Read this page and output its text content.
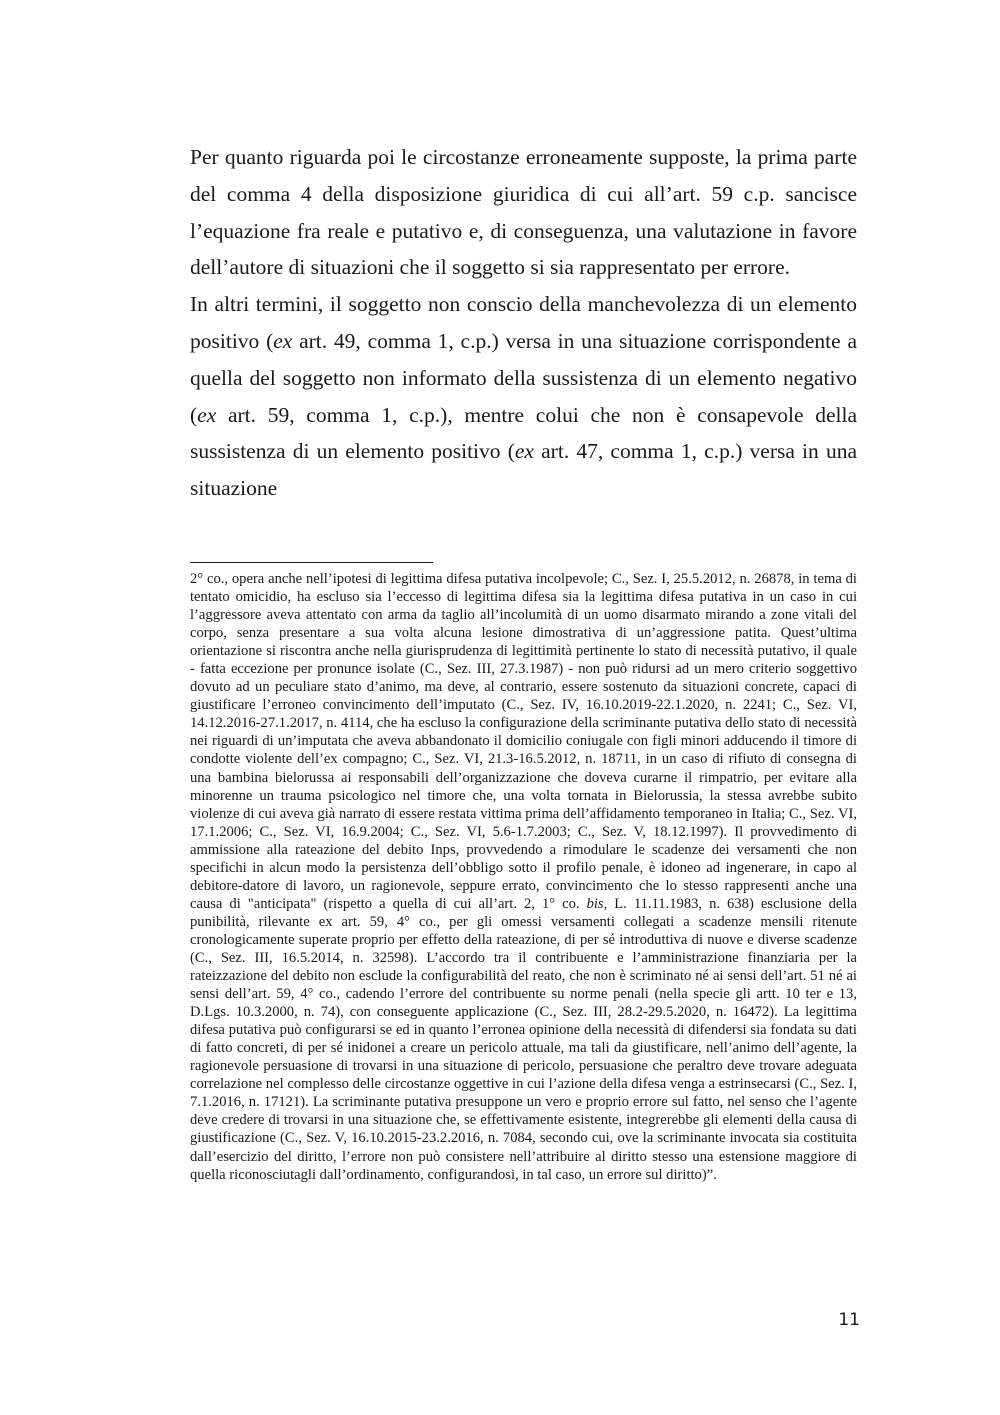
Per quanto riguarda poi le circostanze erroneamente supposte, la prima parte del comma 4 della disposizione giuridica di cui all’art. 59 c.p. sancisce l’equazione fra reale e putativo e, di conseguenza, una valutazione in favore dell’autore di situazioni che il soggetto si sia rappresentato per errore.

In altri termini, il soggetto non conscio della manchevolezza di un elemento positivo (ex art. 49, comma 1, c.p.) versa in una situazione corrispondente a quella del soggetto non informato della sussistenza di un elemento negativo (ex art. 59, comma 1, c.p.), mentre colui che non è consapevole della sussistenza di un elemento positivo (ex art. 47, comma 1, c.p.) versa in una situazione

2° co., opera anche nell’ipotesi di legittima difesa putativa incolpevole; C., Sez. I, 25.5.2012, n. 26878, in tema di tentato omicidio, ha escluso sia l’eccesso di legittima difesa sia la legittima difesa putativa in un caso in cui l’aggressore aveva attentato con arma da taglio all’incolumità di un uomo disarmato mirando a zone vitali del corpo, senza presentare a sua volta alcuna lesione dimostrativa di un’aggressione patita. Quest’ultima orientazione si riscontra anche nella giurisprudenza di legittimità pertinente lo stato di necessità putativo, il quale - fatta eccezione per pronunce isolate (C., Sez. III, 27.3.1987) - non può ridursi ad un mero criterio soggettivo dovuto ad un peculiare stato d’animo, ma deve, al contrario, essere sostenuto da situazioni concrete, capaci di giustificare l’erroneo convincimento dell’imputato (C., Sez. IV, 16.10.2019-22.1.2020, n. 2241; C., Sez. VI, 14.12.2016-27.1.2017, n. 4114, che ha escluso la configurazione della scriminante putativa dello stato di necessità nei riguardi di un’imputata che aveva abbandonato il domicilio coniugale con figli minori adducendo il timore di condotte violente dell’ex compagno; C., Sez. VI, 21.3-16.5.2012, n. 18711, in un caso di rifiuto di consegna di una bambina bielorussa ai responsabili dell’organizzazione che doveva curarne il rimpatrio, per evitare alla minorenne un trauma psicologico nel timore che, una volta tornata in Bielorussia, la stessa avrebbe subito violenze di cui aveva già narrato di essere restata vittima prima dell’affidamento temporaneo in Italia; C., Sez. VI, 17.1.2006; C., Sez. VI, 16.9.2004; C., Sez. VI, 5.6-1.7.2003; C., Sez. V, 18.12.1997). Il provvedimento di ammissione alla rateazione del debito Inps, provvedendo a rimodulare le scadenze dei versamenti che non specifichi in alcun modo la persistenza dell’obbligo sotto il profilo penale, è idoneo ad ingenerare, in capo al debitore-datore di lavoro, un ragionevole, seppure errato, convincimento che lo stesso rappresenti anche una causa di "anticipata" (rispetto a quella di cui all’art. 2, 1° co. bis, L. 11.11.1983, n. 638) esclusione della punibilità, rilevante ex art. 59, 4° co., per gli omessi versamenti collegati a scadenze mensili ritenute cronologicamente superate proprio per effetto della rateazione, di per sé introduttiva di nuove e diverse scadenze (C., Sez. III, 16.5.2014, n. 32598). L’accordo tra il contribuente e l’amministrazione finanziaria per la rateizzazione del debito non esclude la configurabilità del reato, che non è scriminato né ai sensi dell’art. 51 né ai sensi dell’art. 59, 4° co., cadendo l’errore del contribuente su norme penali (nella specie gli artt. 10 ter e 13, D.Lgs. 10.3.2000, n. 74), con conseguente applicazione (C., Sez. III, 28.2-29.5.2020, n. 16472). La legittima difesa putativa può configurarsi se ed in quanto l’erronea opinione della necessità di difendersi sia fondata su dati di fatto concreti, di per sé inidonei a creare un pericolo attuale, ma tali da giustificare, nell’animo dell’agente, la ragionevole persuasione di trovarsi in una situazione di pericolo, persuasione che peraltro deve trovare adeguata correlazione nel complesso delle circostanze oggettive in cui l’azione della difesa venga a estrinsecarsi (C., Sez. I, 7.1.2016, n. 17121). La scriminante putativa presuppone un vero e proprio errore sul fatto, nel senso che l’agente deve credere di trovarsi in una situazione che, se effettivamente esistente, integrerebbe gli elementi della causa di giustificazione (C., Sez. V, 16.10.2015-23.2.2016, n. 7084, secondo cui, ove la scriminante invocata sia costituita dall’esercizio del diritto, l’errore non può consistere nell’attribuire al diritto stesso una estensione maggiore di quella riconosciutagli dall’ordinamento, configurandosi, in tal caso, un errore sul diritto)”.

11
